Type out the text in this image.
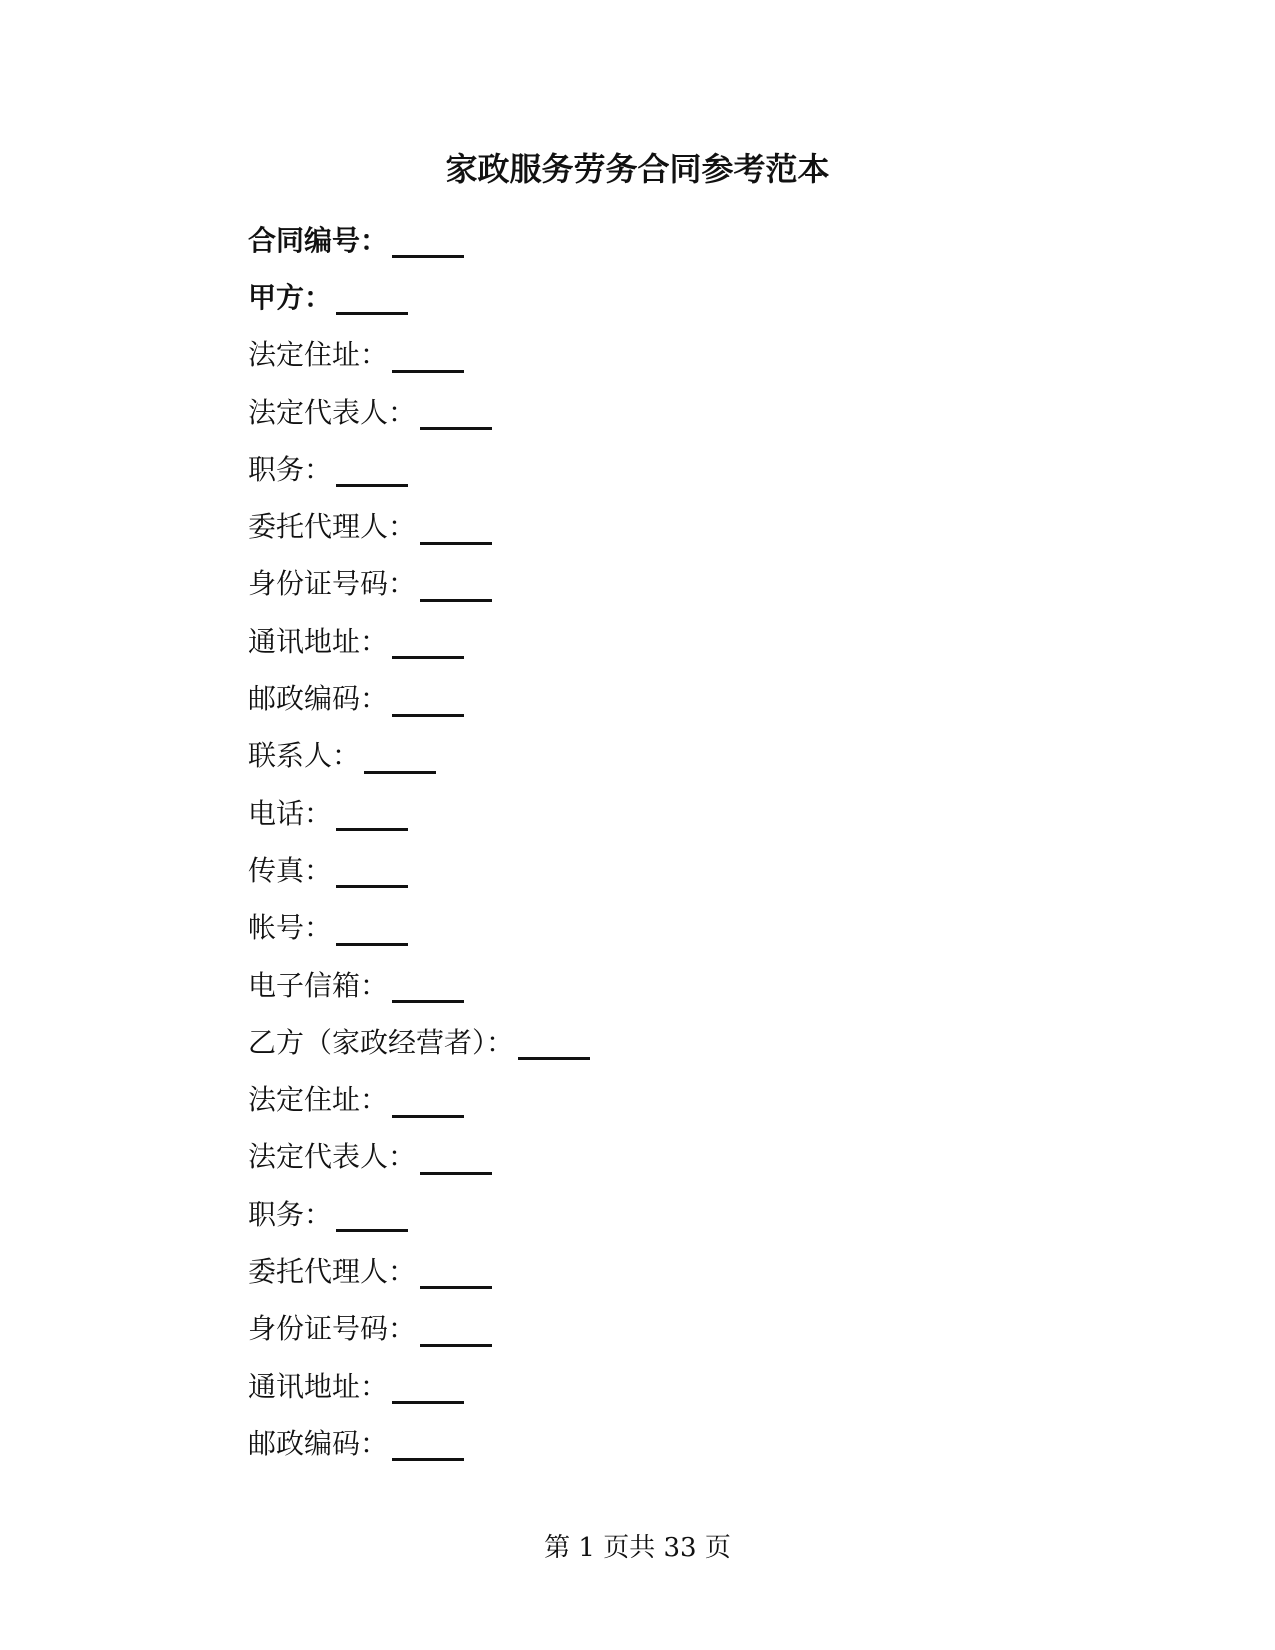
家政服务劳务合同参考范本
合同编号：
甲方：
法定住址：
法定代表人：
职务：
委托代理人：
身份证号码：
通讯地址：
邮政编码：
联系人：
电话：
传真：
帐号：
电子信箱：
乙方（家政经营者）：
法定住址：
法定代表人：
职务：
委托代理人：
身份证号码：
通讯地址：
邮政编码：
第 1 页共 33 页
